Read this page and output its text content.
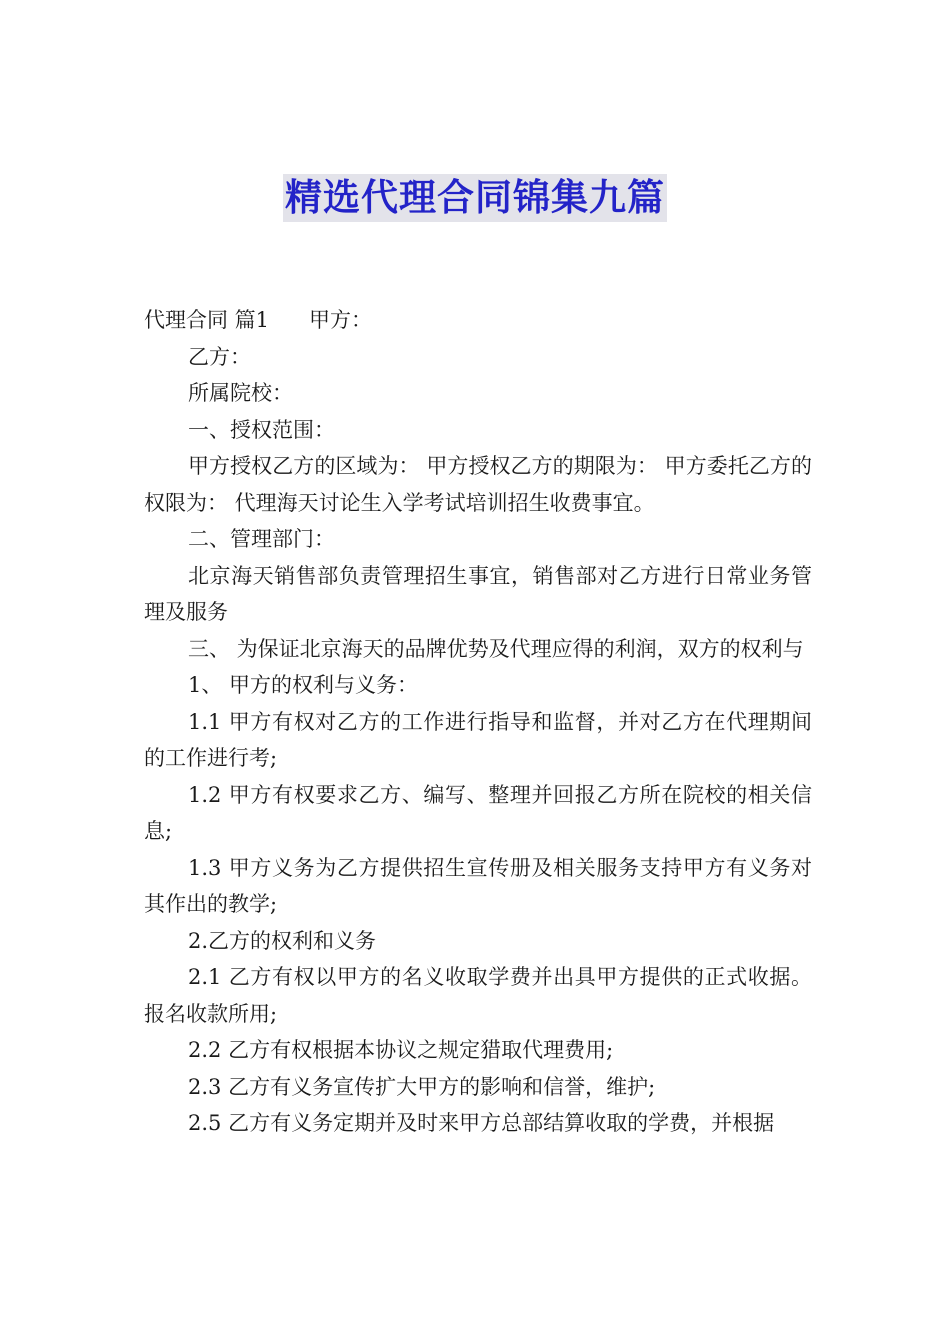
精选代理合同锦集九篇

代理合同 篇1 甲方：

乙方：

所属院校：

一、授权范围：

甲方授权乙方的区域为： 甲方授权乙方的期限为： 甲方委托乙方的权限为： 代理海天讨论生入学考试培训招生收费事宜。

二、管理部门：

北京海天销售部负责管理招生事宜，销售部对乙方进行日常业务管理及服务

三、 为保证北京海天的品牌优势及代理应得的利润，双方的权利与

1、 甲方的权利与义务：

1.1 甲方有权对乙方的工作进行指导和监督，并对乙方在代理期间的工作进行考;

1.2 甲方有权要求乙方、编写、整理并回报乙方所在院校的相关信息;

1.3 甲方义务为乙方提供招生宣传册及相关服务支持甲方有义务对其作出的教学;

2.乙方的权利和义务

2.1 乙方有权以甲方的名义收取学费并出具甲方提供的正式收据。报名收款所用;

2.2 乙方有权根据本协议之规定猎取代理费用;

2.3 乙方有义务宣传扩大甲方的影响和信誉，维护;

2.5 乙方有义务定期并及时来甲方总部结算收取的学费，并根据
